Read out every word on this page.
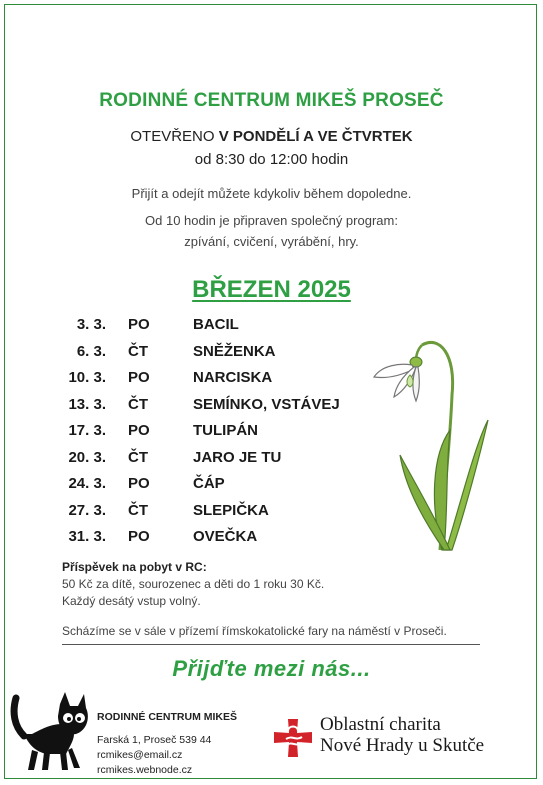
RODINNÉ CENTRUM MIKEŠ PROSEČ
OTEVŘENO V PONDĚLÍ A VE ČTVRTEK
od 8:30 do 12:00 hodin
Přijít a odejít můžete kdykoliv během dopoledne.
Od 10 hodin je připraven společný program:
zpívání, cvičení, vyrábění, hry.
BŘEZEN 2025
3. 3. PO	BACIL
6. 3. ČT	SNĚŽENKA
10. 3. PO	NARCISKA
13. 3. ČT	SEMÍNKO, VSTÁVEJ
17. 3. PO	TULIPÁN
20. 3. ČT	JARO JE TU
24. 3. PO	ČÁP
27. 3. ČT	SLEPIČKA
31. 3. PO	OVEČKA
Příspěvek na pobyt v RC:
50 Kč za dítě, sourozenec a děti do 1 roku 30 Kč.
Každý desátý vstup volný.
Scházíme se v sále v přízemí římskokatolické fary na náměstí v Proseči.
Přijďte mezi nás...
RODINNÉ CENTRUM MIKEŠ
Farská 1, Proseč 539 44
rcmikes@email.cz
rcmikes.webnode.cz
Oblastní charita
Nové Hrady u Skutče
